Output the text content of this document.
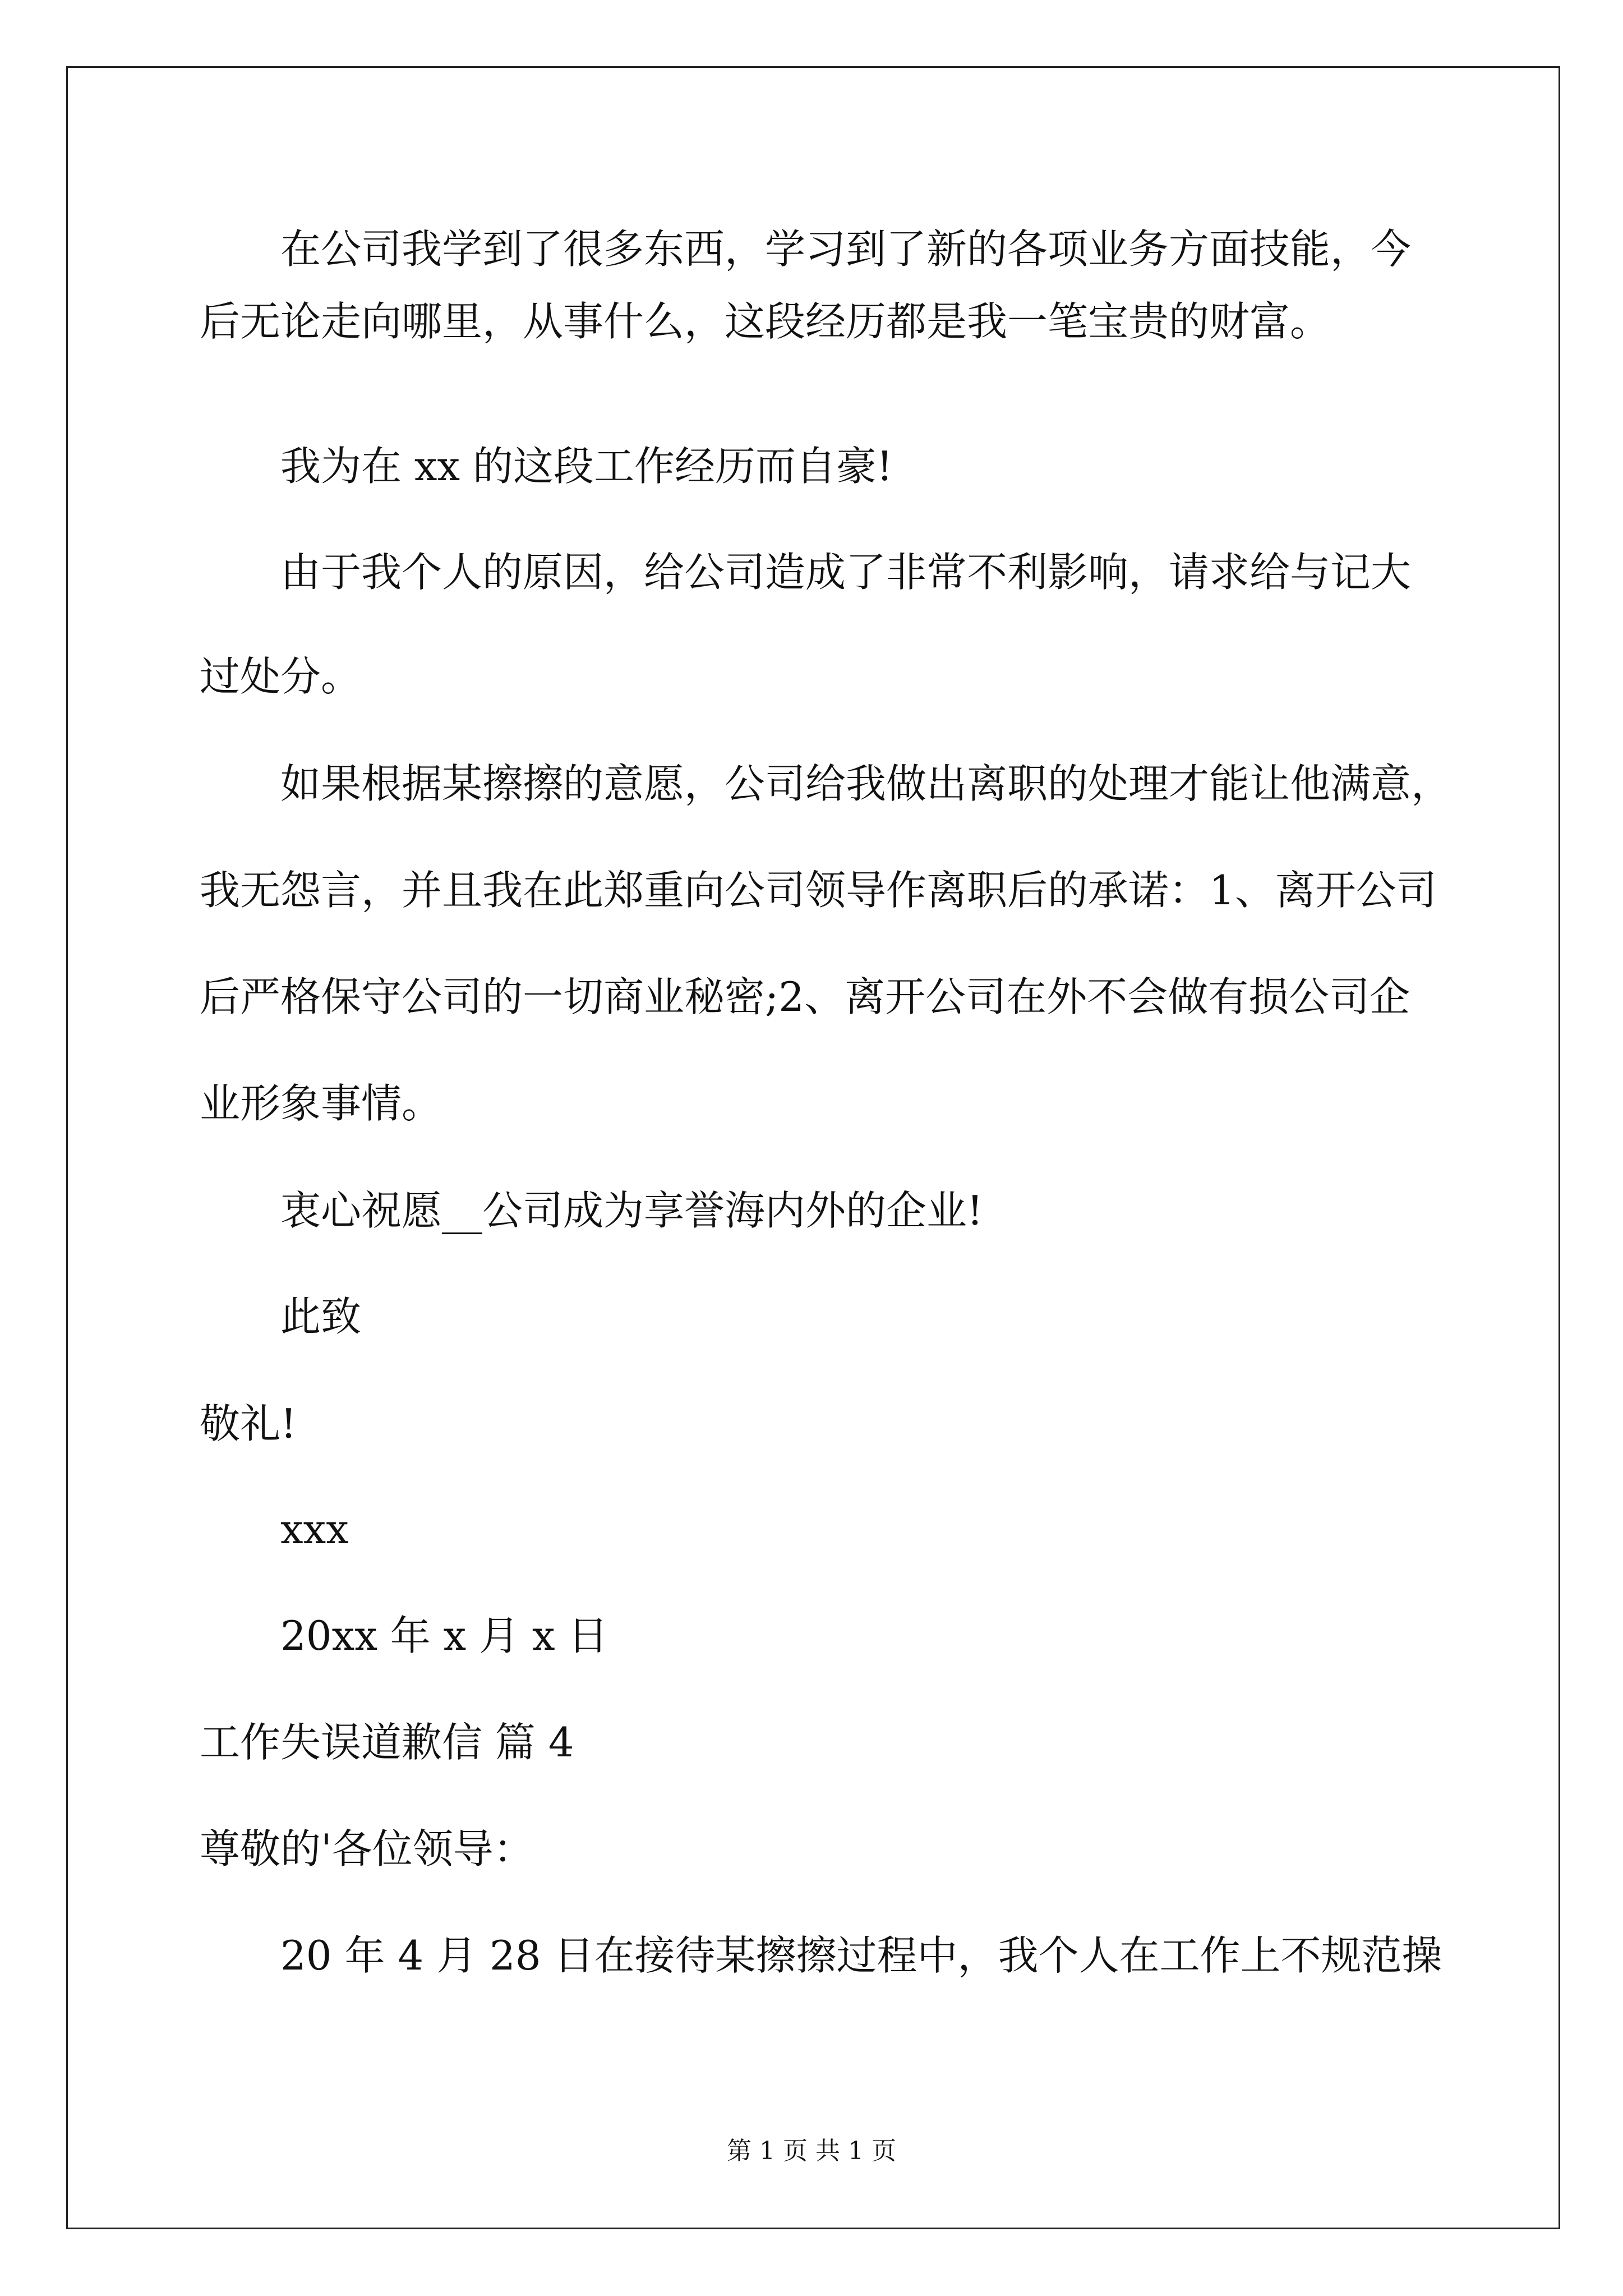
在公司我学到了很多东西，学习到了新的各项业务方面技能，今
后无论走向哪里，从事什么，这段经历都是我一笔宝贵的财富。
我为在 xx 的这段工作经历而自豪!
由于我个人的原因，给公司造成了非常不利影响，请求给与记大
过处分。
如果根据某擦擦的意愿，公司给我做出离职的处理才能让他满意，
我无怨言，并且我在此郑重向公司领导作离职后的承诺：1、离开公司
后严格保守公司的一切商业秘密;2、离开公司在外不会做有损公司企
业形象事情。
衷心祝愿__公司成为享誉海内外的企业!
此致
敬礼!
xxx
20xx 年 x 月 x 日
工作失误道歉信 篇 4
尊敬的'各位领导：
20 年 4 月 28 日在接待某擦擦过程中，我个人在工作上不规范操
第 1 页 共 1 页
